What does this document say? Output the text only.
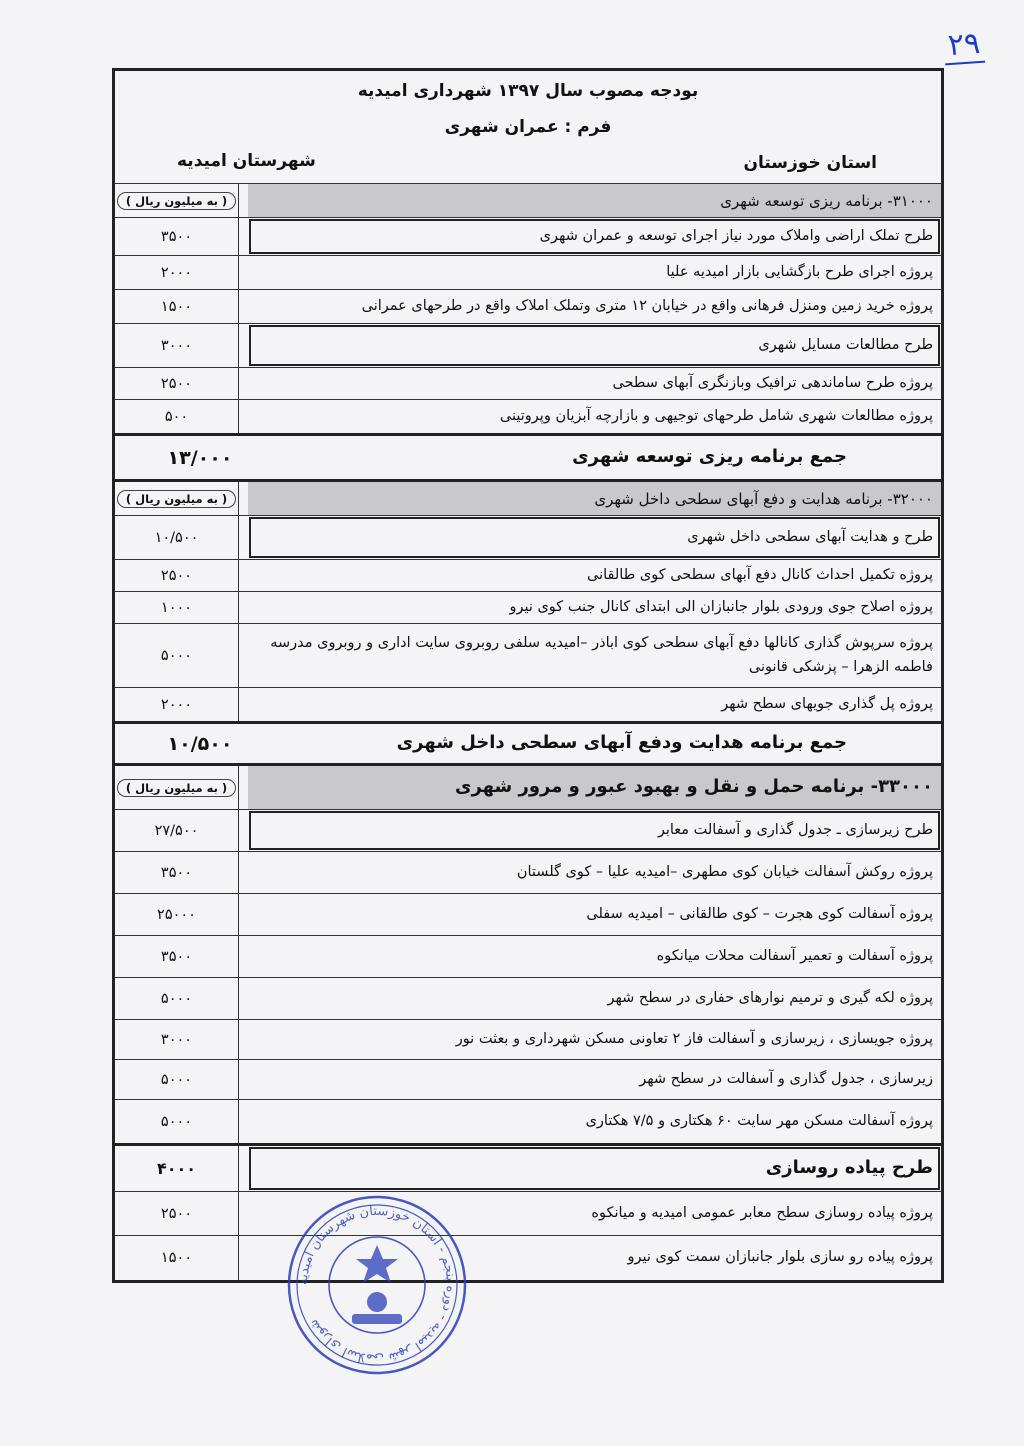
۲۹
بودجه مصوب سال ۱۳۹۷ شهرداری امیدیه
فرم : عمران شهری
استان خوزستان
شهرستان امیدیه
۳۱۰۰۰- برنامه ریزی توسعه شهری
( به میلیون ریال )
طرح تملک اراضی واملاک مورد نیاز اجرای توسعه و عمران شهری
۳۵۰۰
پروژه اجرای طرح بازگشایی بازار امیدیه علیا
۲۰۰۰
پروژه خرید زمین ومنزل فرهانی واقع در خیابان ۱۲ متری وتملک املاک واقع در طرحهای عمرانی
۱۵۰۰
طرح مطالعات مسایل شهری
۳۰۰۰
پروژه طرح ساماندهی ترافیک وبازنگری آبهای سطحی
۲۵۰۰
پروژه مطالعات شهری شامل طرحهای توجیهی و بازارچه آبزیان وپروتینی
۵۰۰
جمع برنامه ریزی توسعه شهری
۱۳/۰۰۰
۳۲۰۰۰- برنامه هدایت و دفع آبهای سطحی داخل شهری
( به میلیون ریال )
طرح و هدایت آبهای سطحی داخل شهری
۱۰/۵۰۰
پروژه تکمیل احداث کانال دفع آبهای سطحی کوی طالقانی
۲۵۰۰
پروژه اصلاح جوی ورودی بلوار جانبازان الی ابتدای کانال جنب کوی نیرو
۱۰۰۰
پروژه سرپوش گذاری کانالها دفع آبهای سطحی کوی اباذر –امیدیه سلفی روبروی سایت اداری و روبروی مدرسه فاطمه الزهرا – پزشکی قانونی
۵۰۰۰
پروژه پل گذاری جویهای سطح شهر
۲۰۰۰
جمع برنامه هدایت ودفع آبهای سطحی داخل شهری
۱۰/۵۰۰
۳۳۰۰۰- برنامه حمل و نقل و بهبود عبور و مرور شهری
( به میلیون ریال )
طرح زیرسازی ـ جدول گذاری و آسفالت معابر
۲۷/۵۰۰
پروژه روکش آسفالت خیابان کوی مطهری –امیدیه علیا – کوی گلستان
۳۵۰۰
پروژه آسفالت کوی هجرت – کوی طالقانی – امیدیه سفلی
۲۵۰۰۰
پروژه آسفالت و تعمیر آسفالت محلات میانکوه
۳۵۰۰
پروژه لکه گیری و ترمیم نوارهای حفاری در سطح شهر
۵۰۰۰
پروژه جویسازی ، زیرسازی و آسفالت فاز ۲ تعاونی مسکن شهرداری و بعثت نور
۳۰۰۰
زیرسازی ، جدول گذاری و آسفالت در سطح شهر
۵۰۰۰
پروژه آسفالت مسکن مهر سایت ۶۰ هکتاری و ۷/۵ هکتاری
۵۰۰۰
طرح پیاده روسازی
۴۰۰۰
پروژه پیاده روسازی سطح معابر عمومی امیدیه و میانکوه
۲۵۰۰
پروژه پیاده رو سازی بلوار جانبازان سمت کوی نیرو
۱۵۰۰
شورای اسلامی شهر امیدیه - دوره پنجم - استان خوزستان شهرستان امیدیه
